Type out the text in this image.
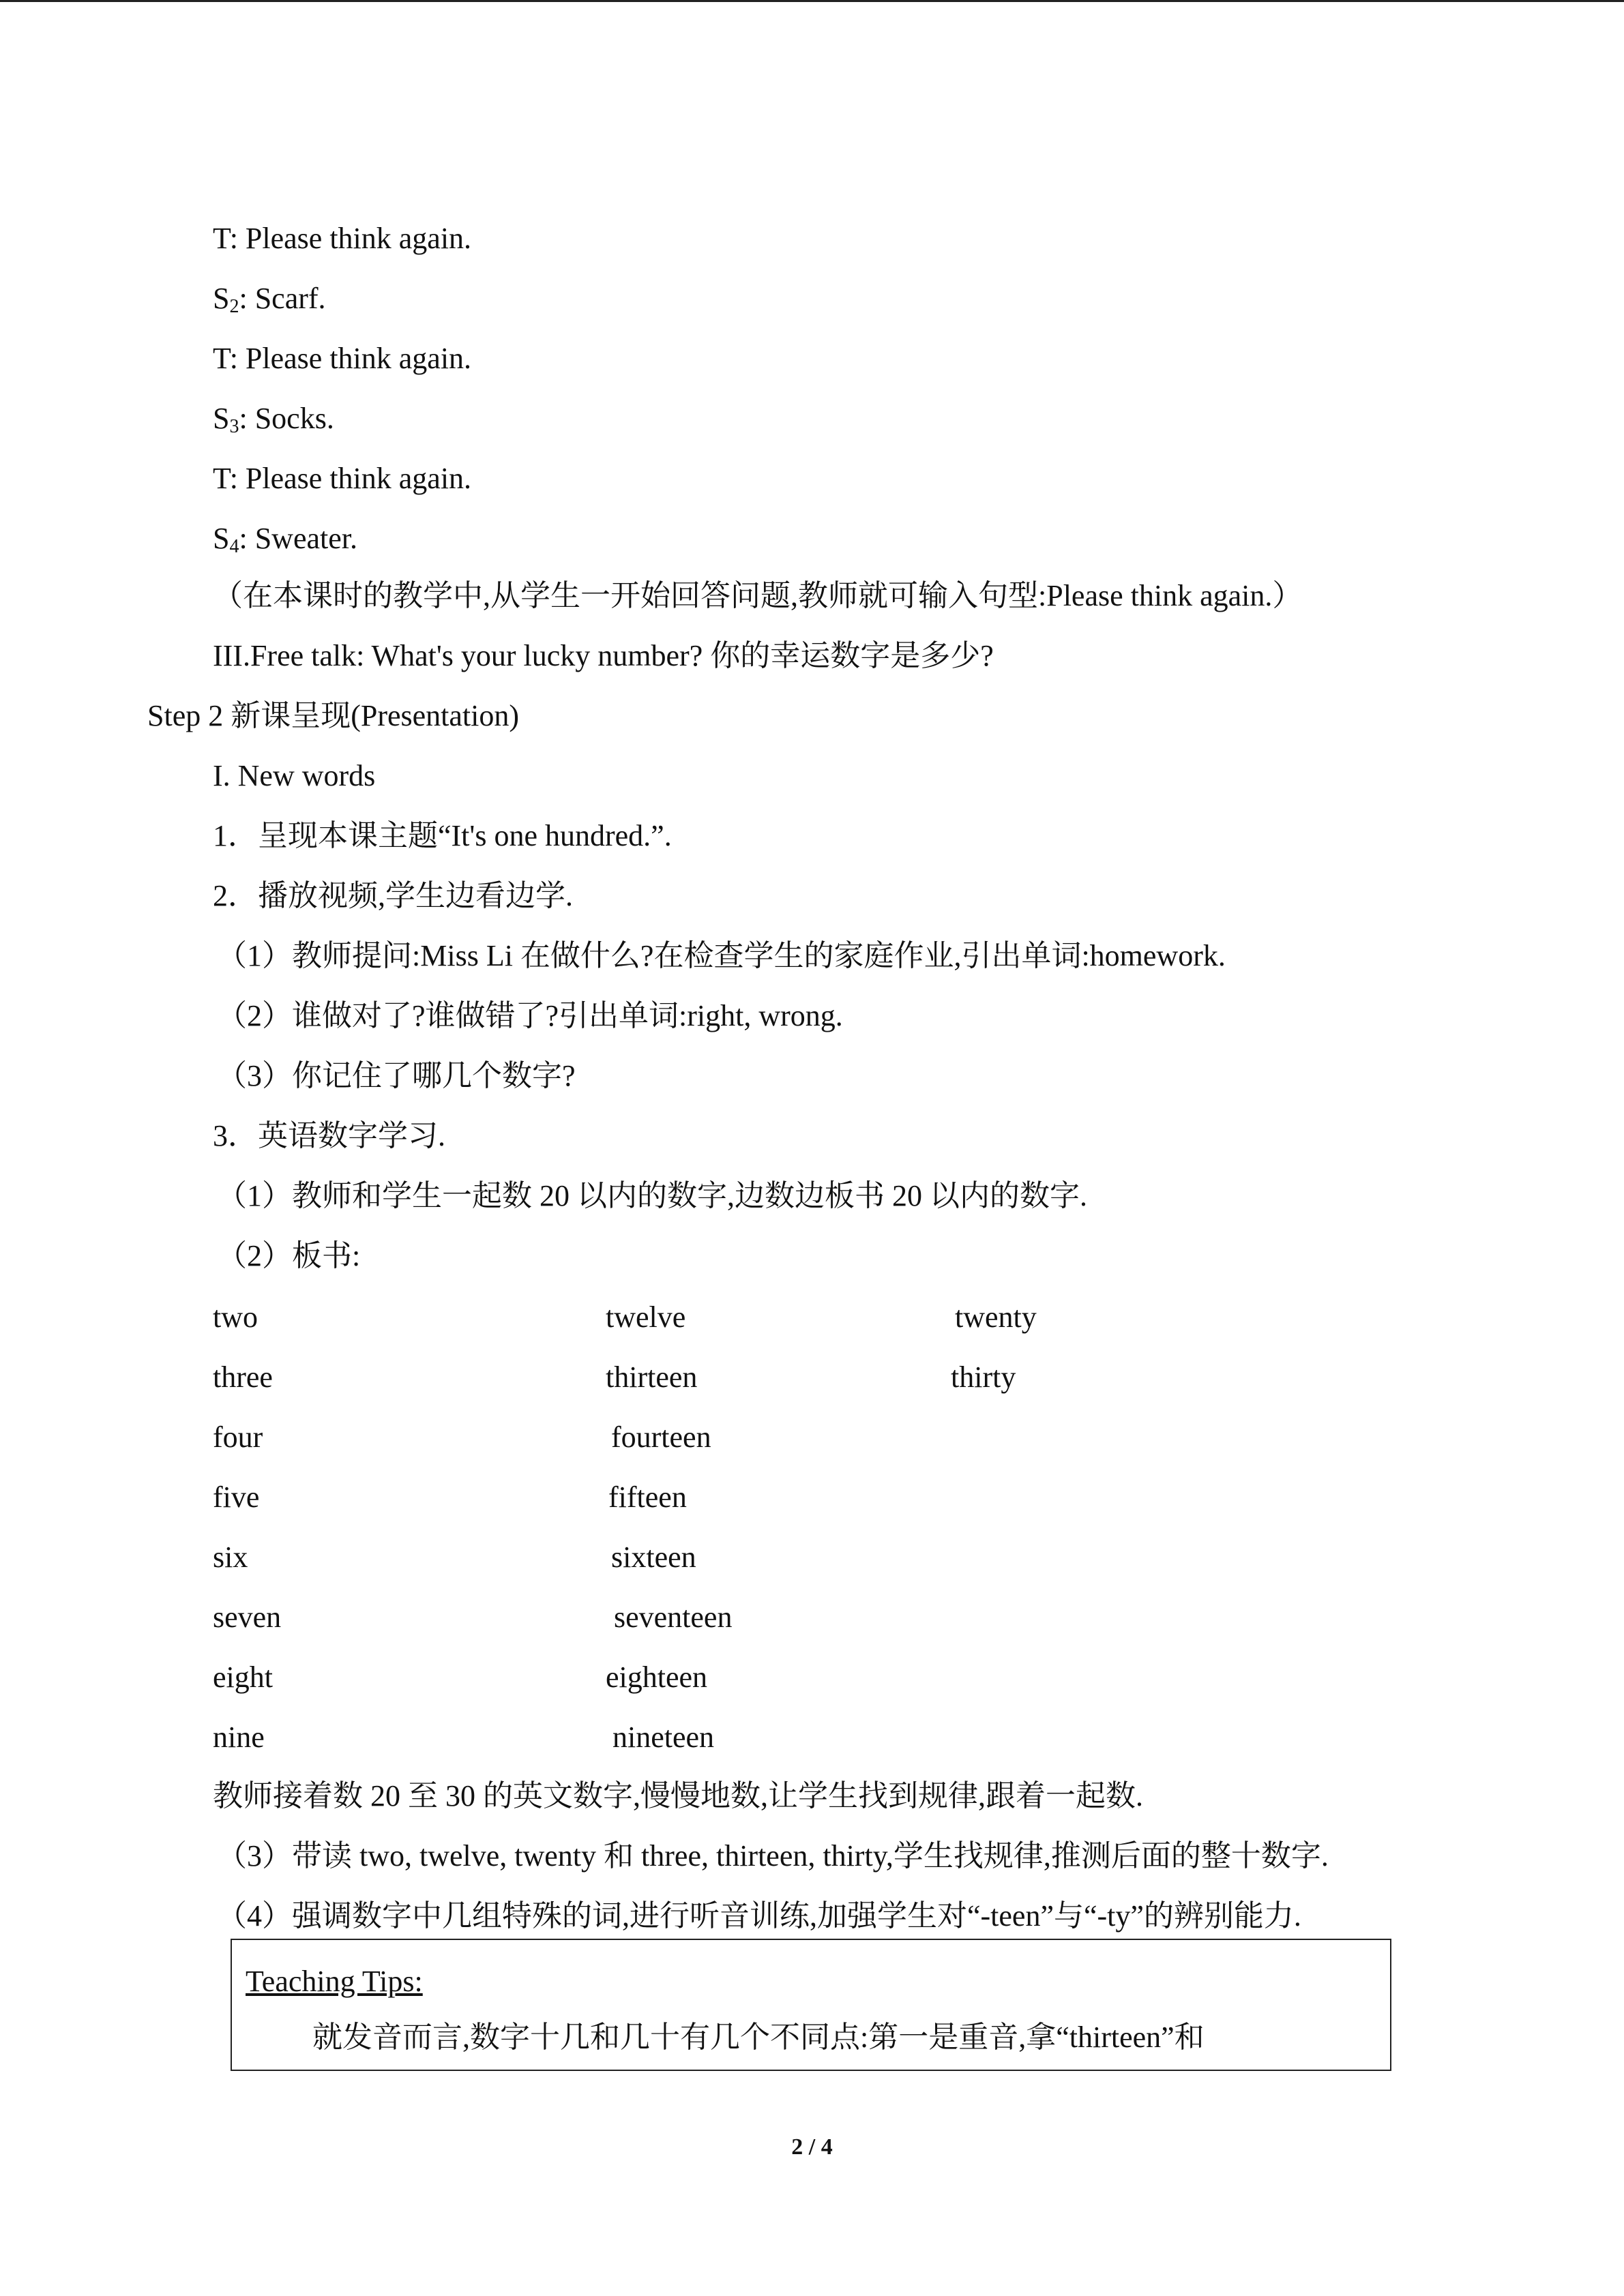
T: Please think again.
$S_2$: Scarf.
T: Please think again.
$S_3$: Socks.
T: Please think again.
$S_4$: Sweater.
（在本课时的教学中,从学生一开始回答问题,教师就可输入句型:Please think again.）
III.Free talk: What's your lucky number? 你的幸运数字是多少?
Step 2 新课呈现(Presentation)
I. New words
1．呈现本课主题“It's one hundred.”.
2．播放视频,学生边看边学.
（1）教师提问:Miss Li 在做什么?在检查学生的家庭作业,引出单词:homework.
（2）谁做对了?谁做错了?引出单词:right, wrong.
（3）你记住了哪几个数字?
3．英语数字学习.
（1）教师和学生一起数 20 以内的数字,边数边板书 20 以内的数字.
（2）板书:
two
three
four
five
six
seven
eight
nine
twelve
thirteen
fourteen
fifteen
sixteen
seventeen
eighteen
nineteen
twenty
thirty
教师接着数 20 至 30 的英文数字,慢慢地数,让学生找到规律,跟着一起数.
（3）带读 two, twelve, twenty 和 three, thirteen, thirty,学生找规律,推测后面的整十数字.
（4）强调数字中几组特殊的词,进行听音训练,加强学生对“-teen”与“-ty”的辨别能力.
Teaching Tips:
就发音而言,数字十几和几十有几个不同点:第一是重音,拿“thirteen”和
2 / 4
